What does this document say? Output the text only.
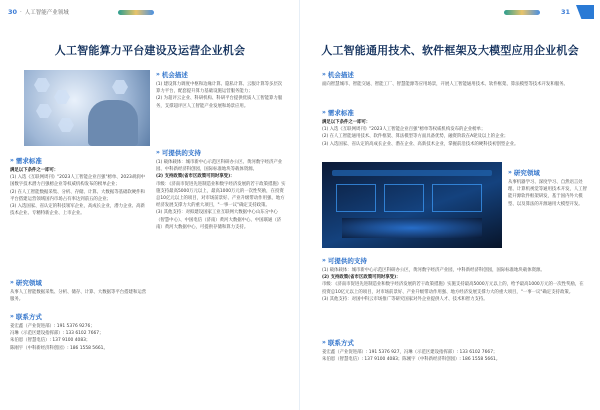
30 · 人工智能产业领域
人工智能算力平台建设及运营企业机会
» 机会描述

(1) 建设算力调度中枢和边缘计算、隐私计算、云服计算等多层次算力平台，配套提升算力基础设施运营服务能力；

(2) 为超评云企业、科研机构、科研平台提供优质人工智能算力服务，支撑超评区人工智能产业发展和场景应用。

» 可提供的支持

(1) 载体载体：城市新中心示范区科研办公区、黄河数字经济产业园、中科新经济科创园，国际标准地块等载体资源。

(2) 支持政策(省市区政策可同时享受)：

市级：《济南市促进先进制造业和数字经济发展的若干政策措施》实施支持最高5000万元以上，最高1000万元的一次性奖励，在投资总10亿元以上的项目，对市场前景好、产业升级带动作用强、地方经济发展支撑力大的重大项目，"一事一议"确定支持政策。

(3) 其他支持：对拟建设国家工业互联网大数据中心山东分中心（智慧中心）、中国电信（济南）黄河大数据中心、中国联通（济南）黄河大数据中心，可提供存储和算力支持。

» 需求标准

满足以下条件之一即可：

(1) 入选《互联网周刊》"2023人工智能企业百强"榜单、2023胡润中国数字技术潜力百强榜企业等权威机构发布的榜单企业；

(2) 在人工智能数据采集、分析、存储、计算、大数据等基础软硬件和平台搭建运营领域国内市场占有率达到前五的企业；

(3) 入选国家、省认定的科技领军企业，高成长企业，潜力企业、高新技术企业、专精特新企业、上市企业。

» 研究领域
从事人工智能数据采集、分析、储存、计算、大数据等平台搭建和运营服务。
» 联系方式

姜宏鑫（产业促进部）: 191 5376 9276；

冯琳（示范区建设指挥部）: 133 6102 7667；

朱伯恩（智慧电信）: 137 9100 4083；

陈刚宇（中科新经济科创园）: 186 1558 5661。

31
人工智能通用技术、软件框架及大模型应用企业机会
» 机会描述
面向智慧城市、智能交通、智能工厂、智慧能源等应用场景，开展人工智能通用技术、软件框架、算法模型等技术开发和服务。
» 需求标准

满足以下条件之一即可：

(1) 入选《互联网周刊》"2023人工智能企业百强"榜单等权威机构发布的企业榜单；

(2) 在人工智能通用技术、软件框架、算法模型等方面具备优势，融资阶段在A轮及以上的企业；

(3) 入选国家、省认定的高成长企业、潜在企业、高新技术企业，掌握前沿技术的硬科技初创型企业。

» 研究领域
从事机器学习、深度学习、自然语言处理、计算机视觉等通用技术开发，人工智能开源软件框架研发，基于国内外大模型、以及算法的开源通用大模型开发。
» 可提供的支持

(1) 载体载体：城市新中心示范区科研办公区，黄河数字经济产业园，中科新经济科创园，国际标准地块载体资源。

(2) 支持政策(省市区政策可同时享受)：

市级：《济南市促进先进制造业和数字经济发展的若干政策措施》实施支持最高5000万元以上的，给予最高1000万元的一次性奖励，在投资总10亿元以上的项目，对市场前景好、产业升级带动作用强、地方经济发展支撑力大的重大项目，"一事一议"确定支持政策。

(3) 其他支持：对国中科云市场推广等研究国家对外企业提供人才、技术和智力支持。

» 联系方式

姜宏鑫（产业促进部）: 191 5376 927，冯琳（示范区建设指挥部）: 133 6102 7667；

朱伯恩（智慧电信）: 137 9100 4083；陈刚宇（中科新经济科创园）: 186 1558 5661。
